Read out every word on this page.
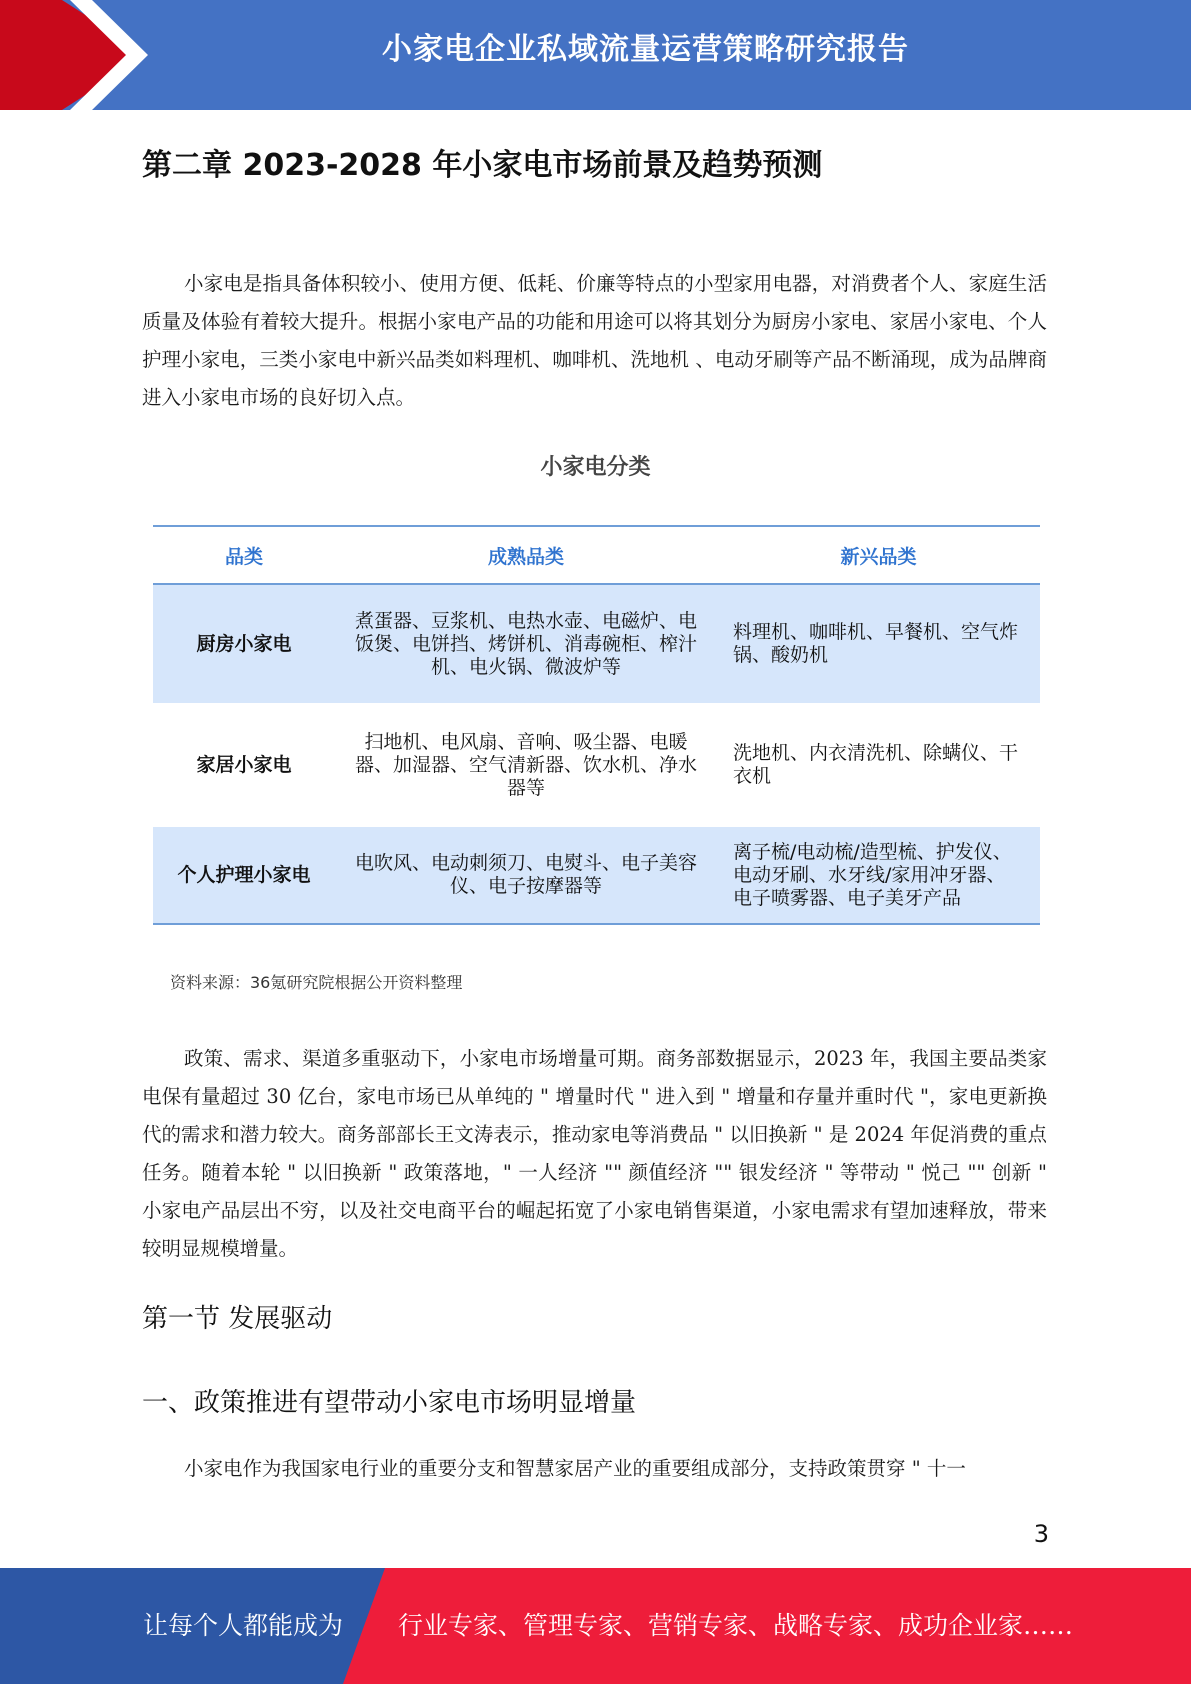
小家电企业私域流量运营策略研究报告
第二章 2023-2028 年小家电市场前景及趋势预测

小家电是指具备体积较小、使用方便、低耗、价廉等特点的小型家用电器，对消费者个人、家庭生活质量及体验有着较大提升。根据小家电产品的功能和用途可以将其划分为厨房小家电、家居小家电、个人护理小家电，三类小家电中新兴品类如料理机、咖啡机、洗地机 、电动牙刷等产品不断涌现，成为品牌商进入小家电市场的良好切入点。

小家电分类
品类	成熟品类	新兴品类
厨房小家电	煮蛋器、豆浆机、电热水壶、电磁炉、电饭煲、电饼挡、烤饼机、消毒碗柜、榨汁机、电火锅、微波炉等	料理机、咖啡机、早餐机、空气炸锅、酸奶机
家居小家电	扫地机、电风扇、音响、吸尘器、电暖器、加湿器、空气清新器、饮水机、净水器等	洗地机、内衣清洗机、除螨仪、干衣机
个人护理小家电	电吹风、电动刺须刀、电熨斗、电子美容仪、电子按摩器等	离子梳/电动梳/造型梳、护发仪、电动牙刷、水牙线/家用冲牙器、电子喷雾器、电子美牙产品
资料来源：36氪研究院根据公开资料整理

政策、需求、渠道多重驱动下，小家电市场增量可期。商务部数据显示，2023 年，我国主要品类家电保有量超过 30 亿台，家电市场已从单纯的 " 增量时代 " 进入到 " 增量和存量并重时代 "，家电更新换代的需求和潜力较大。商务部部长王文涛表示，推动家电等消费品 " 以旧换新 " 是 2024 年促消费的重点任务。随着本轮 " 以旧换新 " 政策落地，" 一人经济 "" 颜值经济 "" 银发经济 " 等带动 " 悦己 "" 创新 " 小家电产品层出不穷，以及社交电商平台的崛起拓宽了小家电销售渠道，小家电需求有望加速释放，带来较明显规模增量。

第一节 发展驱动
一、政策推进有望带动小家电市场明显增量

小家电作为我国家电行业的重要分支和智慧家居产业的重要组成部分，支持政策贯穿 " 十一

3
让每个人都能成为 行业专家、管理专家、营销专家、战略专家、成功企业家……
